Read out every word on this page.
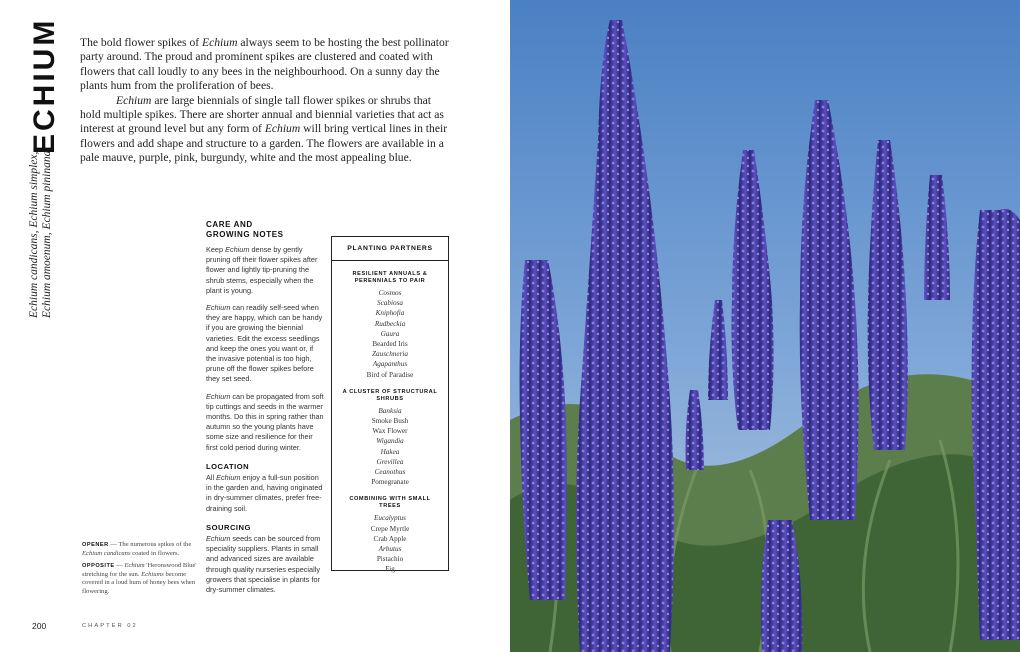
ECHIUM
Echium candicans, Echium simplex, Echium amoenum, Echium pininana

The bold flower spikes of Echium always seem to be hosting the best pollinator party around. The proud and prominent spikes are clustered and coated with flowers that call loudly to any bees in the neighbourhood. On a sunny day the plants hum from the proliferation of bees.

Echium are large biennials of single tall flower spikes or shrubs that hold multiple spikes. There are shorter annual and biennial varieties that act as interest at ground level but any form of Echium will bring vertical lines in their flowers and add shape and structure to a garden. The flowers are available in a pale mauve, purple, pink, burgundy, white and the most appealing blue.

CARE AND
GROWING NOTES

Keep Echium dense by gently pruning off their flower spikes after flower and lightly tip-pruning the shrub stems, especially when the plant is young.

Echium can readily self-seed when they are happy, which can be handy if you are growing the biennial varieties. Edit the excess seedlings and keep the ones you want or, if the invasive potential is too high, prune off the flower spikes before they set seed.

Echium can be propagated from soft tip cuttings and seeds in the warmer months. Do this in spring rather than autumn so the young plants have some size and resilience for their first cold period during winter.

LOCATION

All Echium enjoy a full-sun position in the garden and, having originated in dry-summer climates, prefer free-draining soil.

SOURCING

Echium seeds can be sourced from speciality suppliers. Plants in small and advanced sizes are available through quality nurseries especially growers that specialise in plants for dry-summer climates.

PLANTING PARTNERS
RESILIENT ANNUALS & PERENNIALS TO PAIR
Cosmos
Scabiosa
Kniphofia
Rudbeckia
Gaura
Bearded Iris
Zauschneria
Agapanthus
Bird of Paradise
A CLUSTER OF STRUCTURAL SHRUBS
Banksia
Smoke Bush
Wax Flower
Wigandia
Hakea
Grevillea
Ceanothus
Pomegranate
COMBINING WITH SMALL TREES
Eucalyptus
Crepe Myrtle
Crab Apple
Arbutus
Pistachio
Fig

OPENER — The numerous spikes of the Echium candicans coated in flowers.

OPPOSITE — Echium 'Heronswood Blue' stretching for the sun. Echiums become covered in a loud hum of honey bees when flowering.

200	CHAPTER 02
